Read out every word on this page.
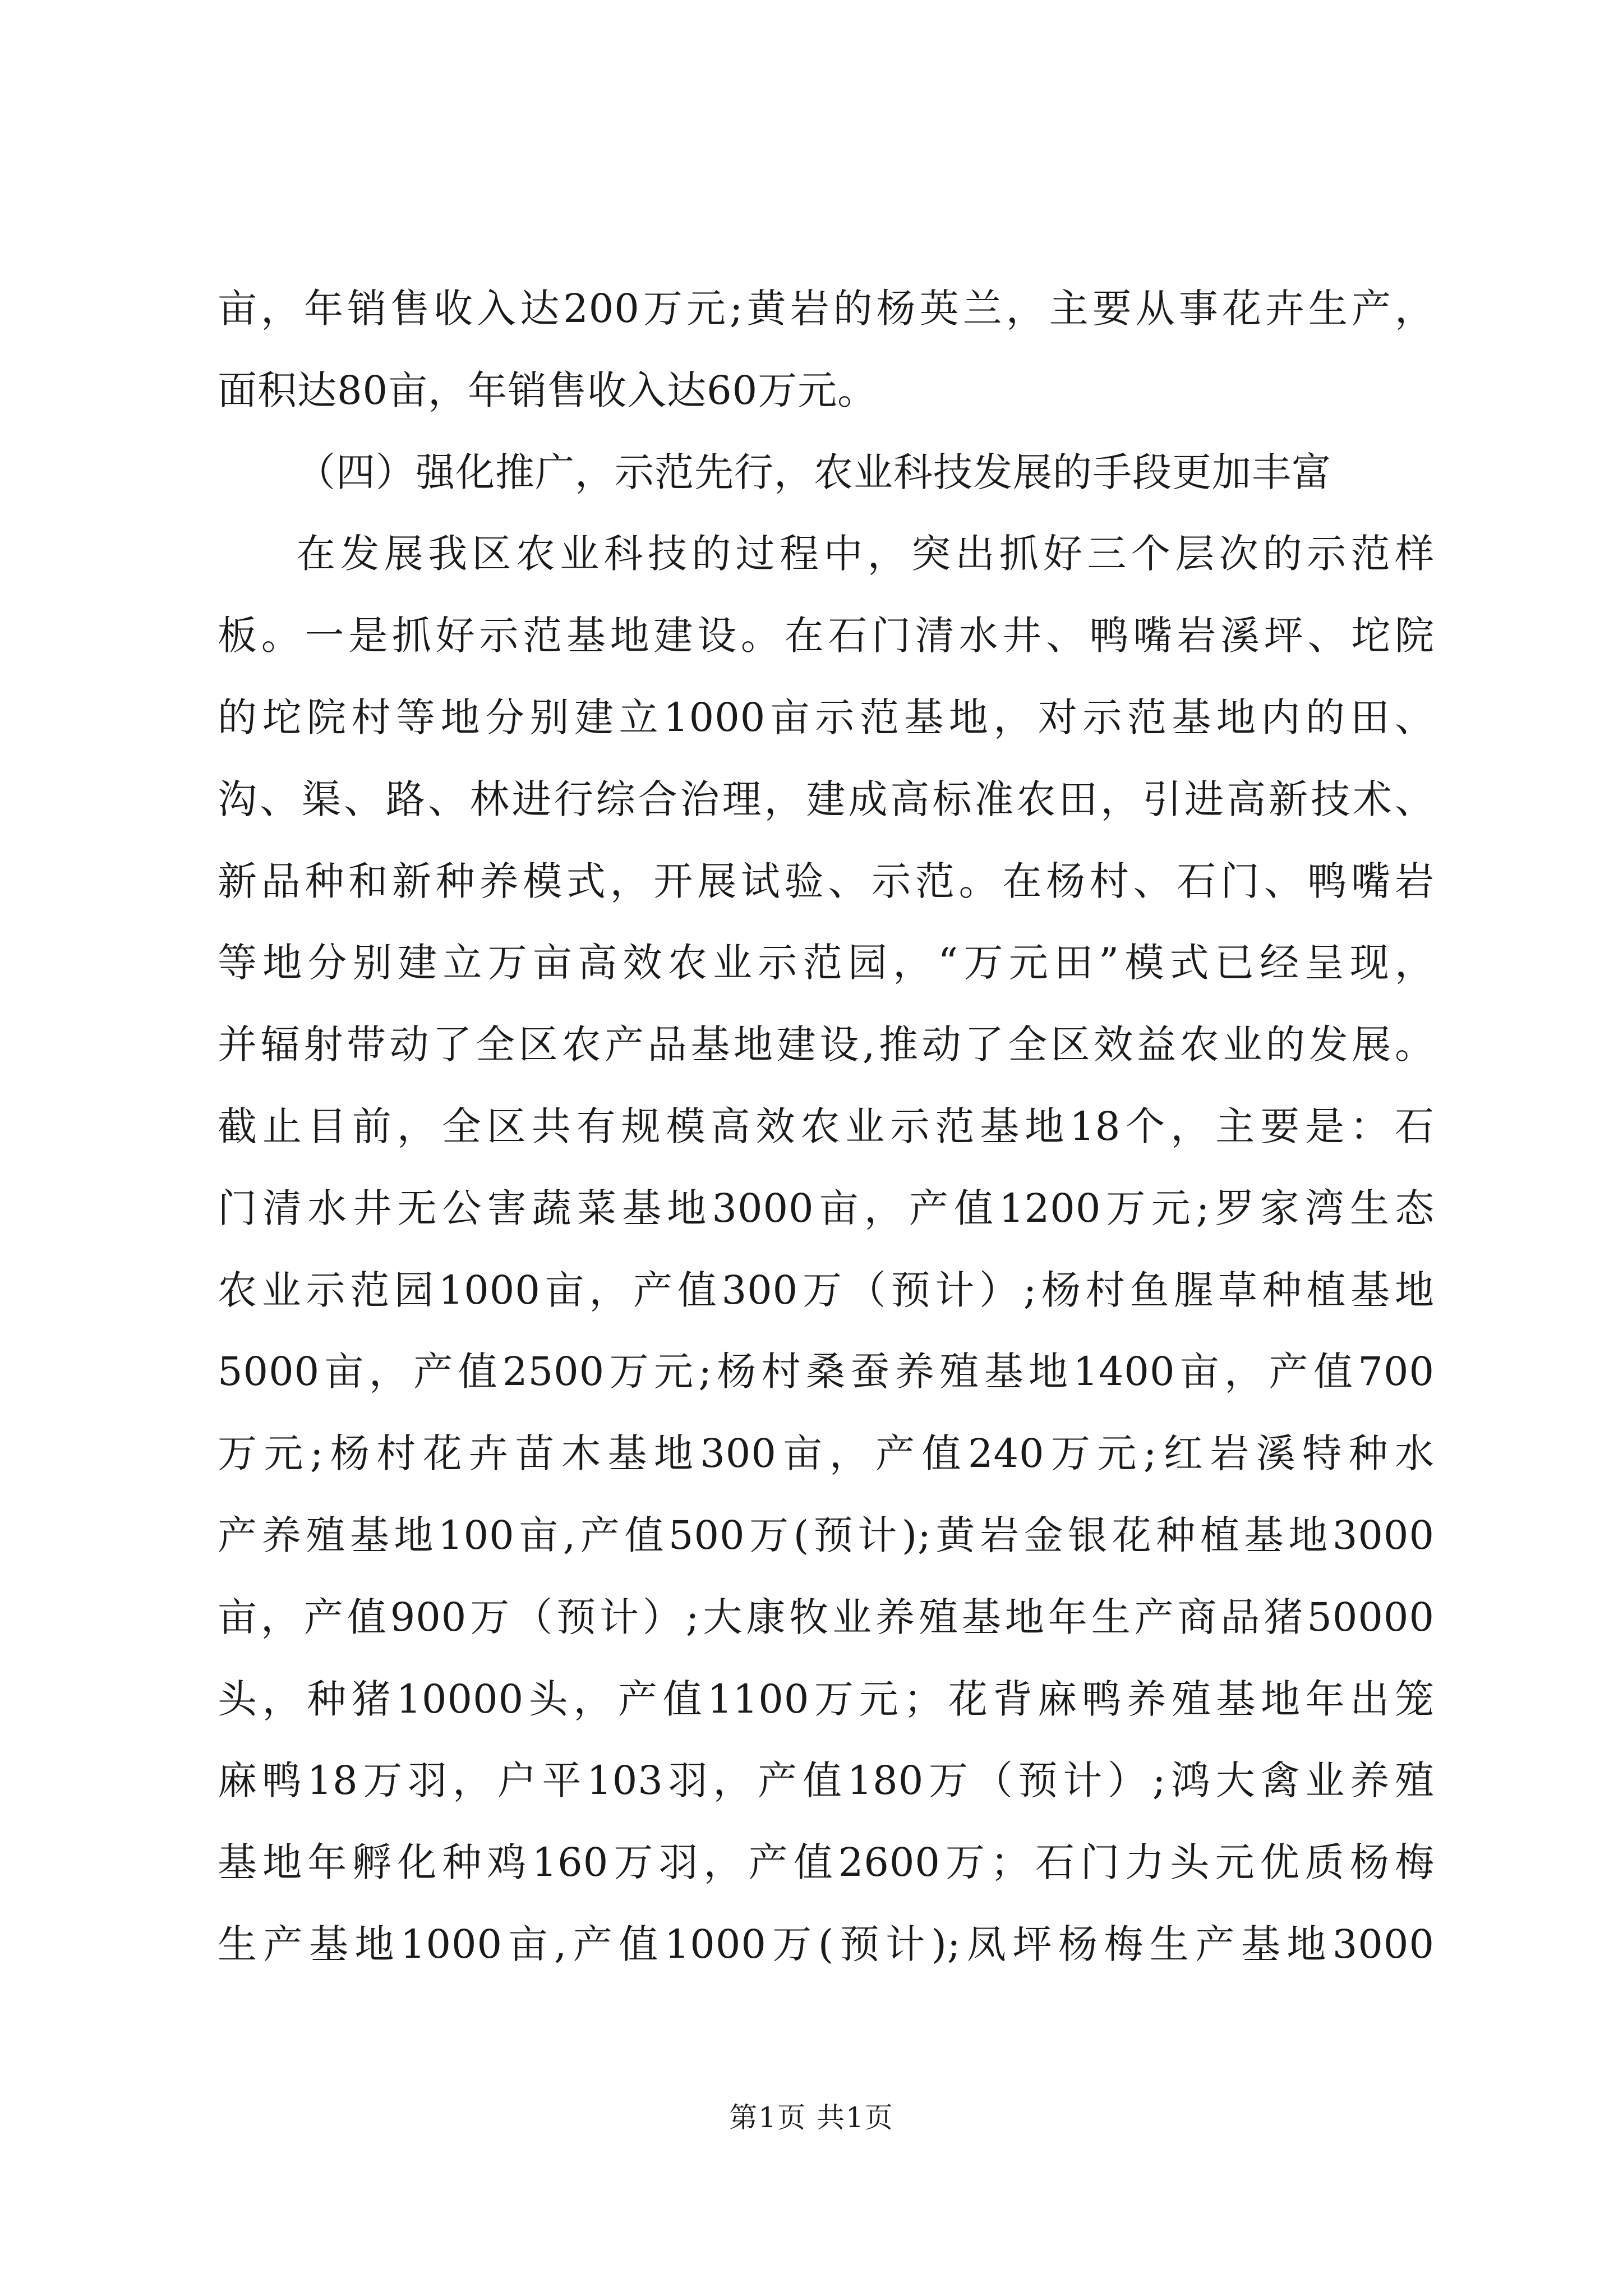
亩，年销售收入达200万元;黄岩的杨英兰，主要从事花卉生产，
面积达80亩，年销售收入达60万元。
（四）强化推广，示范先行，农业科技发展的手段更加丰富
在发展我区农业科技的过程中，突出抓好三个层次的示范样
板。一是抓好示范基地建设。在石门清水井、鸭嘴岩溪坪、坨院
的坨院村等地分别建立1000亩示范基地，对示范基地内的田、
沟、渠、路、林进行综合治理，建成高标准农田，引进高新技术、
新品种和新种养模式，开展试验、示范。在杨村、石门、鸭嘴岩
等地分别建立万亩高效农业示范园，“万元田”模式已经呈现，
并辐射带动了全区农产品基地建设,推动了全区效益农业的发展。
截止目前，全区共有规模高效农业示范基地18个，主要是：石
门清水井无公害蔬菜基地3000亩，产值1200万元;罗家湾生态
农业示范园1000亩，产值300万（预计）;杨村鱼腥草种植基地
5000亩，产值2500万元;杨村桑蚕养殖基地1400亩，产值700
万元;杨村花卉苗木基地300亩，产值240万元;红岩溪特种水
产养殖基地100亩,产值500万(预计);黄岩金银花种植基地3000
亩，产值900万（预计）;大康牧业养殖基地年生产商品猪50000
头，种猪10000头，产值1100万元；花背麻鸭养殖基地年出笼
麻鸭18万羽，户平103羽，产值180万（预计）;鸿大禽业养殖
基地年孵化种鸡160万羽，产值2600万；石门力头元优质杨梅
生产基地1000亩,产值1000万(预计);凤坪杨梅生产基地3000
第1页 共1页
